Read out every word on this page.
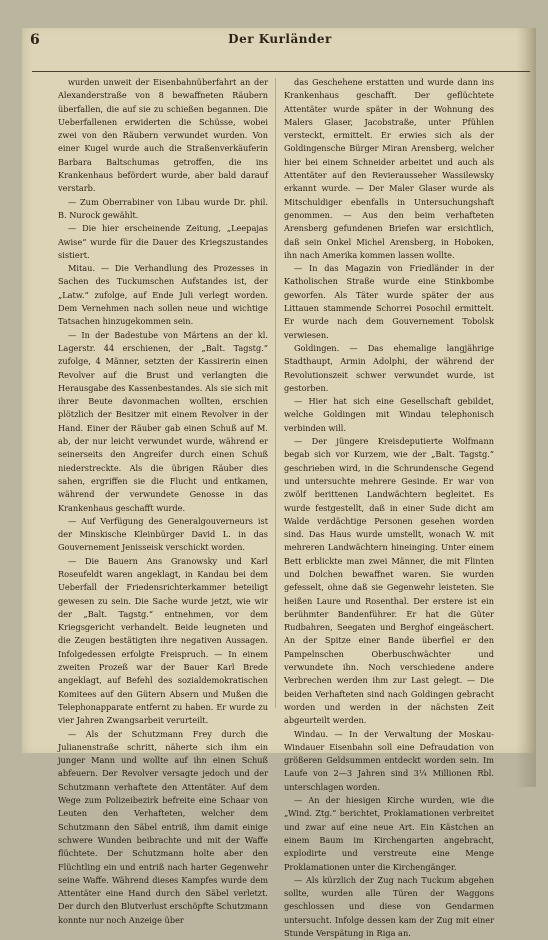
6	Der Kurländer

wurden unweit der Eisenbahnüberfahrt an der Alexanderstraße von 8 bewaffneten Räubern überfallen, die auf sie zu schießen begannen. Die Ueberfallenen erwiderten die Schüsse, wobei zwei von den Räubern verwundet wurden. Von einer Kugel wurde auch die Straßenverkäuferin Barbara Baltschumas getroffen, die ins Krankenhaus befördert wurde, aber bald darauf verstarb.

— Zum Oberrabiner von Libau wurde Dr. phil. B. Nurock gewählt.

— Die hier erscheinende Zeitung, „Leepajas Awise“ wurde für die Dauer des Kriegszustandes sistiert.

Mitau. — Die Verhandlung des Prozesses in Sachen des Tuckumschen Aufstandes ist, der „Latw.“ zufolge, auf Ende Juli verlegt worden. Dem Vernehmen nach sollen neue und wichtige Tatsachen hinzugekommen sein.

— In der Badestube von Märtens an der kl. Lagerstr. 44 erschienen, der „Balt. Tagstg.“ zufolge, 4 Männer, setzten der Kassirerin einen Revolver auf die Brust und verlangten die Herausgabe des Kassenbestandes. Als sie sich mit ihrer Beute davonmachen wollten, erschien plötzlich der Besitzer mit einem Revolver in der Hand. Einer der Räuber gab einen Schuß auf M. ab, der nur leicht verwundet wurde, während er seinerseits den Angreifer durch einen Schuß niederstreckte. Als die übrigen Räuber dies sahen, ergriffen sie die Flucht und entkamen, während der verwundete Genosse in das Krankenhaus geschafft wurde.

— Auf Verfügung des Generalgouverneurs ist der Minskische Kleinbürger David L. in das Gouvernement Jenisseisk verschickt worden.

— Die Bauern Ans Granowsky und Karl Roseufeldt waren angeklagt, in Kandau bei dem Ueberfall der Friedensrichterkammer beteiligt gewesen zu sein. Die Sache wurde jetzt, wie wir der „Balt. Tagstg.“ entnehmen, vor dem Kriegsgericht verhandelt. Beide leugneten und die Zeugen bestätigten ihre negativen Aussagen. Infolgedessen erfolgte Freispruch. — In einem zweiten Prozeß war der Bauer Karl Brede angeklagt, auf Befehl des sozialdemokratischen Komitees auf den Gütern Absern und Mußen die Telephonapparate entfernt zu haben. Er wurde zu vier Jahren Zwangsarbeit verurteilt.

— Als der Schutzmann Frey durch die Julianenstraße schritt, näherte sich ihm ein junger Mann und wollte auf ihn einen Schuß abfeuern. Der Revolver versagte jedoch und der Schutzmann verhaftete den Attentäter. Auf dem Wege zum Polizeibezirk befreite eine Schaar von Leuten den Verhafteten, welcher dem Schutzmann den Säbel entriß, ihm damit einige schwere Wunden beibrachte und mit der Waffe flüchtete. Der Schutzmann holte aber den Flüchtling ein und entriß nach harter Gegenwehr seine Waffe. Während dieses Kampfes wurde dem Attentäter eine Hand durch den Säbel verletzt. Der durch den Blutverlust erschöpfte Schutzmann konnte nur noch Anzeige über

das Geschehene erstatten und wurde dann ins Krankenhaus geschafft. Der geflüchtete Attentäter wurde später in der Wohnung des Malers Glaser, Jacobstraße, unter Pfühlen versteckt, ermittelt. Er erwies sich als der Goldingensche Bürger Miran Arensberg, welcher hier bei einem Schneider arbeitet und auch als Attentäter auf den Revierausseher Wassilewsky erkannt wurde. — Der Maler Glaser wurde als Mitschuldiger ebenfalls in Untersuchungshaft genommen. — Aus den beim verhafteten Arensberg gefundenen Briefen war ersichtlich, daß sein Onkel Michel Arensberg, in Hoboken, ihn nach Amerika kommen lassen wollte.

— In das Magazin von Friedländer in der Katholischen Straße wurde eine Stinkbombe geworfen. Als Täter wurde später der aus Littauen stammende Schorrei Posochil ermittelt. Er wurde nach dem Gouvernement Tobolsk verwiesen.

Goldingen. — Das ehemalige langjährige Stadthaupt, Armin Adolphi, der während der Revolutionszeit schwer verwundet wurde, ist gestorben.

— Hier hat sich eine Gesellschaft gebildet, welche Goldingen mit Windau telephonisch verbinden will.

— Der jüngere Kreisdeputierte Wolfmann begab sich vor Kurzem, wie der „Balt. Tagstg.“ geschrieben wird, in die Schrundensche Gegend und untersuchte mehrere Gesinde. Er war von zwölf berittenen Landwächtern begleitet. Es wurde festgestellt, daß in einer Sude dicht am Walde verdächtige Personen gesehen worden sind. Das Haus wurde umstellt, wonach W. mit mehreren Landwächtern hineinging. Unter einem Bett erblickte man zwei Männer, die mit Flinten und Dolchen bewaffnet waren. Sie wurden gefesselt, ohne daß sie Gegenwehr leisteten. Sie heißen Laure und Rosenthal. Der erstere ist ein berühmter Bandenführer. Er hat die Güter Rudbahren, Seegaten und Berghof eingeäschert. An der Spitze einer Bande überfiel er den Pampelnschen Oberbuschwächter und verwundete ihn. Noch verschiedene andere Verbrechen werden ihm zur Last gelegt. — Die beiden Verhafteten sind nach Goldingen gebracht worden und werden in der nächsten Zeit abgeurteilt werden.

Windau. — In der Verwaltung der Moskau-Windauer Eisenbahn soll eine Defraudation von größeren Geldsummen entdeckt worden sein. Im Laufe von 2—3 Jahren sind 3¼ Millionen Rbl. unterschlagen worden.

— An der hiesigen Kirche wurden, wie die „Wind. Ztg.“ berichtet, Proklamationen verbreitet und zwar auf eine neue Art. Ein Kästchen an einem Baum im Kirchengarten angebracht, explodirte und verstreute eine Menge Proklamationen unter die Kirchengänger.

— Als kürzlich der Zug nach Tuckum abgehen sollte, wurden alle Türen der Waggons geschlossen und diese von Gendarmen untersucht. Infolge dessen kam der Zug mit einer Stunde Verspätung in Riga an.
